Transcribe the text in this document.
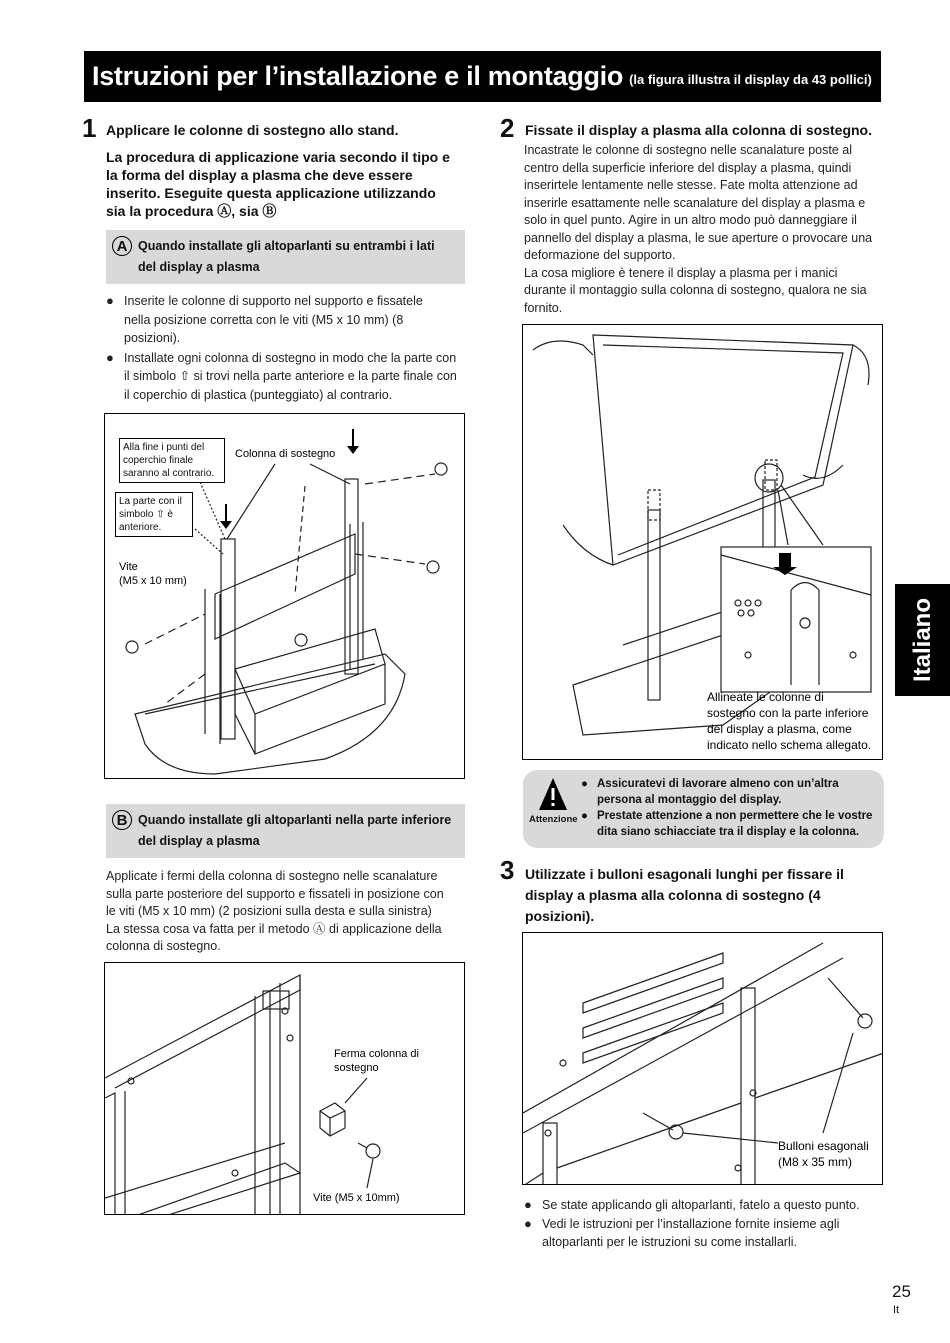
Istruzioni per l’installazione e il montaggio (la figura illustra il display da 43 pollici)
1 Applicare le colonne di sostegno allo stand.
La procedura di applicazione varia secondo il tipo e
la forma del display a plasma che deve essere
inserito. Eseguite questa applicazione utilizzando
sia la procedura Ⓐ, sia Ⓑ
A Quando installate gli altoparlanti su entrambi i lati
del display a plasma
● Inserite le colonne di supporto nel supporto e fissatele
nella posizione corretta con le viti (M5 x 10 mm) (8
posizioni).
● Installate ogni colonna di sostegno in modo che la parte con
il simbolo ⇧ si trovi nella parte anteriore e la parte finale con
il coperchio di plastica (punteggiato) al contrario.
Alla fine i punti del
coperchio finale
saranno al contrario.
La parte con il
simbolo ⇧ è
anteriore.
Colonna di sostegno
Vite
(M5 x 10 mm)
B Quando installate gli altoparlanti nella parte inferiore
del display a plasma
Applicate i fermi della colonna di sostegno nelle scanalature
sulla parte posteriore del supporto e fissateli in posizione con
le viti (M5 x 10 mm) (2 posizioni sulla desta e sulla sinistra)
La stessa cosa va fatta per il metodo Ⓐ di applicazione della
colonna di sostegno.
Ferma colonna di
sostegno
Vite (M5 x 10mm)
2 Fissate il display a plasma alla colonna di sostegno.
Incastrate le colonne di sostegno nelle scanalature poste al
centro della superficie inferiore del display a plasma, quindi
inserirtele lentamente nelle stesse. Fate molta attenzione ad
inserirle esattamente nelle scanalature del display a plasma e
solo in quel punto. Agire in un altro modo può danneggiare il
pannello del display a plasma, le sue aperture o provocare una
deformazione del supporto.
La cosa migliore è tenere il display a plasma per i manici
durante il montaggio sulla colonna di sostegno, qualora ne sia
fornito.
Allineate le colonne di
sostegno con la parte inferiore
del display a plasma, come
indicato nello schema allegato.
Attenzione
● Assicuratevi di lavorare almeno con un’altra
persona al montaggio del display.
● Prestate attenzione a non permettere che le vostre
dita siano schiacciate tra il display e la colonna.
3 Utilizzate i bulloni esagonali lunghi per fissare il
display a plasma alla colonna di sostegno (4
posizioni).
Bulloni esagonali
(M8 x 35 mm)
● Se state applicando gli altoparlanti, fatelo a questo punto.
● Vedi le istruzioni per l’installazione fornite insieme agli
altoparlanti per le istruzioni su come installarli.
Italiano
25
It
